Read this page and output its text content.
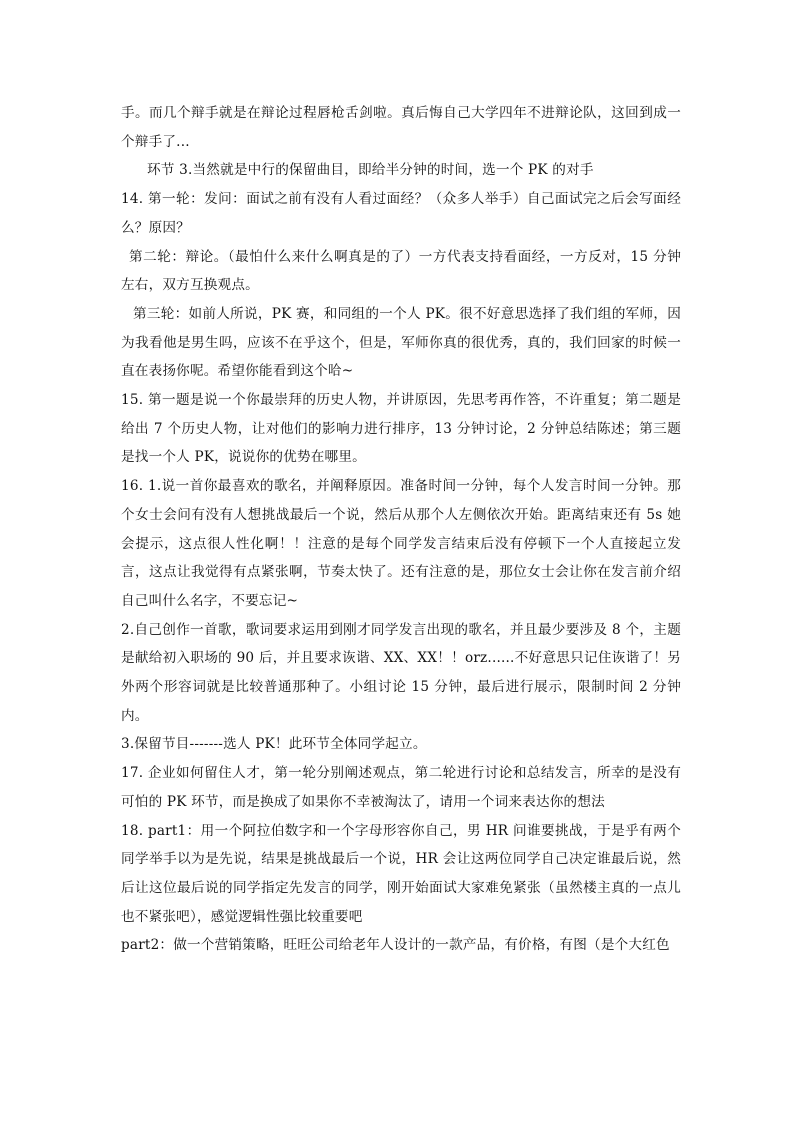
手。而几个辩手就是在辩论过程唇枪舌剑啦。真后悔自己大学四年不进辩论队，这回到成一个辩手了...

环节 3.当然就是中行的保留曲目，即给半分钟的时间，选一个 PK 的对手

14. 第一轮：发问：面试之前有没有人看过面经？（众多人举手）自己面试完之后会写面经么？原因？

第二轮：辩论。（最怕什么来什么啊真是的了）一方代表支持看面经，一方反对，15 分钟左右，双方互换观点。

第三轮：如前人所说，PK 赛，和同组的一个人 PK。很不好意思选择了我们组的军师，因为我看他是男生吗，应该不在乎这个，但是，军师你真的很优秀，真的，我们回家的时候一直在表扬你呢。希望你能看到这个哈~

15. 第一题是说一个你最崇拜的历史人物，并讲原因，先思考再作答，不许重复；第二题是给出 7 个历史人物，让对他们的影响力进行排序，13 分钟讨论，2 分钟总结陈述；第三题是找一个人 PK，说说你的优势在哪里。

16. 1.说一首你最喜欢的歌名，并阐释原因。准备时间一分钟，每个人发言时间一分钟。那个女士会问有没有人想挑战最后一个说，然后从那个人左侧依次开始。距离结束还有 5s 她会提示，这点很人性化啊！！注意的是每个同学发言结束后没有停顿下一个人直接起立发言，这点让我觉得有点紧张啊，节奏太快了。还有注意的是，那位女士会让你在发言前介绍自己叫什么名字，不要忘记~

2.自己创作一首歌，歌词要求运用到刚才同学发言出现的歌名，并且最少要涉及 8 个，主题是献给初入职场的 90 后，并且要求诙谐、XX、XX！！orz......不好意思只记住诙谐了！另外两个形容词就是比较普通那种了。小组讨论 15 分钟，最后进行展示，限制时间 2 分钟内。

3.保留节目-------选人 PK！此环节全体同学起立。

17. 企业如何留住人才，第一轮分别阐述观点，第二轮进行讨论和总结发言，所幸的是没有可怕的 PK 环节，而是换成了如果你不幸被淘汰了，请用一个词来表达你的想法

18. part1：用一个阿拉伯数字和一个字母形容你自己，男 HR 问谁要挑战，于是乎有两个同学举手以为是先说，结果是挑战最后一个说，HR 会让这两位同学自己决定谁最后说，然后让这位最后说的同学指定先发言的同学，刚开始面试大家难免紧张（虽然楼主真的一点儿也不紧张吧），感觉逻辑性强比较重要吧

part2：做一个营销策略，旺旺公司给老年人设计的一款产品，有价格，有图（是个大红色
